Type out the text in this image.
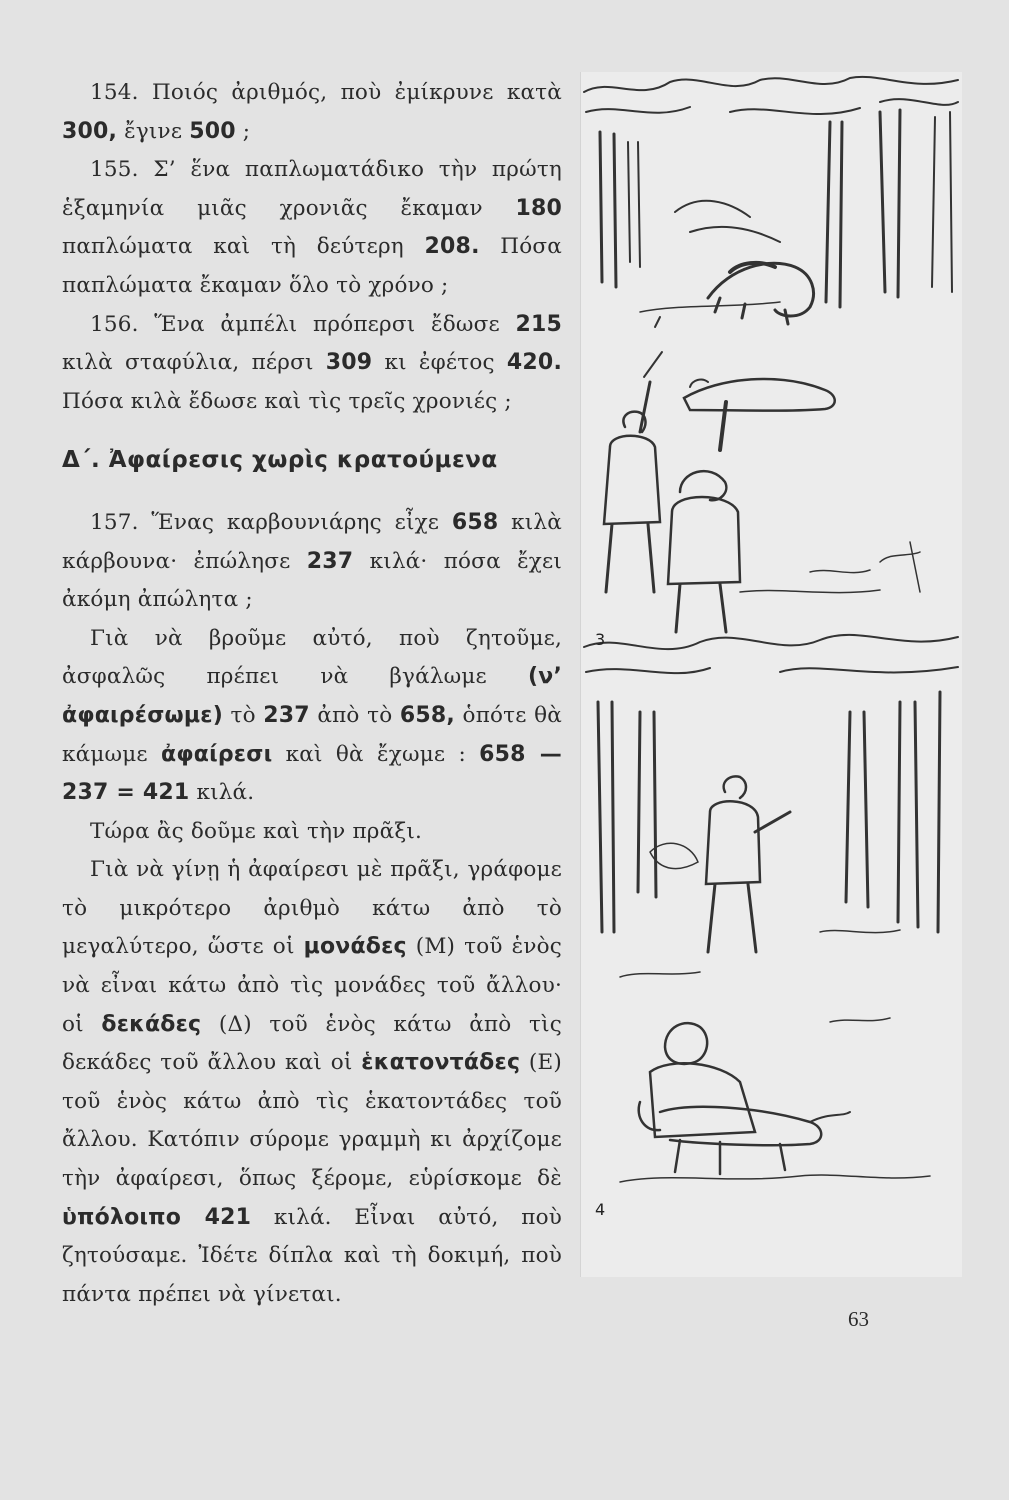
154. Ποιός ἀριθμός, ποὺ ἐμίκρυνε κατὰ 300, ἔγινε 500 ;

155. Σ’ ἕνα παπλωματάδικο τὴν πρώτη ἑξαμηνία μιᾶς χρονιᾶς ἔκαμαν 180 παπλώματα καὶ τὴ δεύτερη 208. Πόσα παπλώματα ἔκαμαν ὅλο τὸ χρόνο ;

156. Ἕνα ἀμπέλι πρόπερσι ἔδωσε 215 κιλὰ σταφύλια, πέρσι 309 κι ἐφέτος 420. Πόσα κιλὰ ἔδωσε καὶ τὶς τρεῖς χρονιές ;

Δ΄. Ἀφαίρεσις χωρὶς κρατούμενα

157. Ἕνας καρβουνιάρης εἶχε 658 κιλὰ κάρβουνα· ἐπώλησε 237 κιλά· πόσα ἔχει ἀκόμη ἀπώλητα ;

Γιὰ νὰ βροῦμε αὐτό, ποὺ ζητοῦμε, ἀσφαλῶς πρέπει νὰ βγάλωμε (ν’ ἀφαιρέσωμε) τὸ 237 ἀπὸ τὸ 658, ὁπότε θὰ κάμωμε ἀφαίρεσι καὶ θὰ ἔχωμε : 658 — 237 = 421 κιλά.

Τώρα ἂς δοῦμε καὶ τὴν πρᾶξι.

Γιὰ νὰ γίνῃ ἡ ἀφαίρεσι μὲ πρᾶξι, γράφομε τὸ μικρότερο ἀριθμὸ κάτω ἀπὸ τὸ μεγαλύτερο, ὥστε οἱ μονάδες (Μ) τοῦ ἑνὸς νὰ εἶναι κάτω ἀπὸ τὶς μονάδες τοῦ ἄλλου· οἱ δεκάδες (Δ) τοῦ ἑνὸς κάτω ἀπὸ τὶς δεκάδες τοῦ ἄλλου καὶ οἱ ἑκατοντάδες (Ε) τοῦ ἑνὸς κάτω ἀπὸ τὶς ἑκατοντάδες τοῦ ἄλλου. Κατόπιν σύρομε γραμμὴ κι ἀρχίζομε τὴν ἀφαίρεσι, ὅπως ξέρομε, εὑρίσκομε δὲ ὑπόλοιπο 421 κιλά. Εἶναι αὐτό, ποὺ ζητούσαμε. Ἰδέτε δίπλα καὶ τὴ δοκιμή, ποὺ πάντα πρέπει νὰ γίνεται.

3
4
63
